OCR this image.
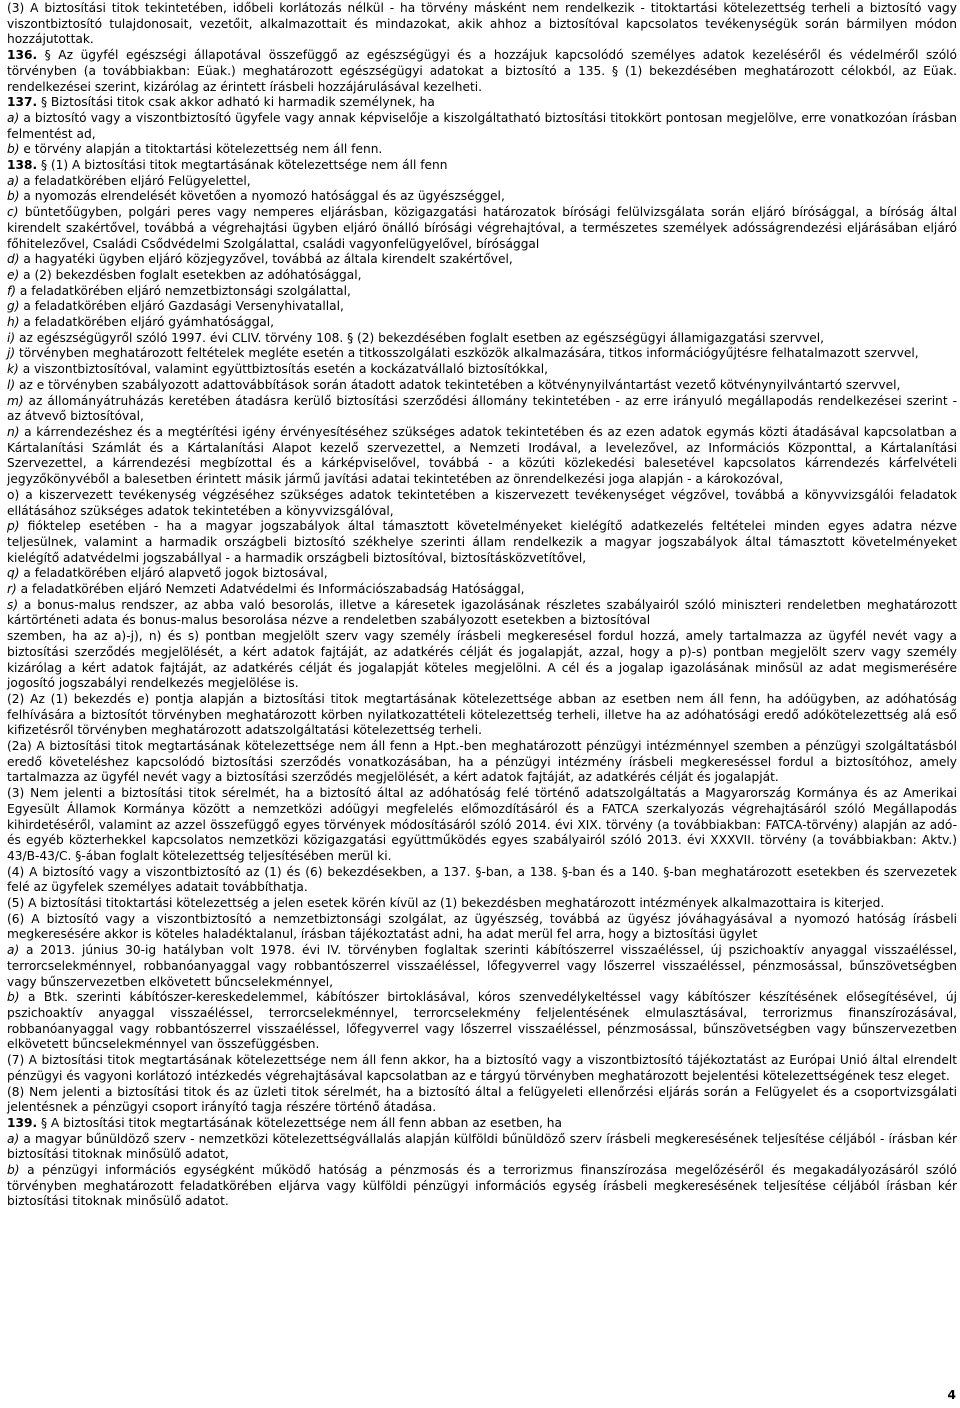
(3) A biztosítási titok tekintetében, időbeli korlátozás nélkül - ha törvény másként nem rendelkezik - titoktartási kötelezettség terheli a biztosító vagy viszontbiztosító tulajdonosait, vezetőit, alkalmazottait és mindazokat, akik ahhoz a biztosítóval kapcsolatos tevékenységük során bármilyen módon hozzájutottak.

136. § Az ügyfél egészségi állapotával összefüggő az egészségügyi és a hozzájuk kapcsolódó személyes adatok kezeléséről és védelméről szóló törvényben (a továbbiakban: Eüak.) meghatározott egészségügyi adatokat a biztosító a 135. § (1) bekezdésében meghatározott célokból, az Eüak. rendelkezései szerint, kizárólag az érintett írásbeli hozzájárulásával kezelheti.

137. § Biztosítási titok csak akkor adható ki harmadik személynek, ha

a) a biztosító vagy a viszontbiztosító ügyfele vagy annak képviselője a kiszolgáltatható biztosítási titokkört pontosan megjelölve, erre vonatkozóan írásban felmentést ad,

b) e törvény alapján a titoktartási kötelezettség nem áll fenn.

138. § (1) A biztosítási titok megtartásának kötelezettsége nem áll fenn

a) a feladatkörében eljáró Felügyelettel,

b) a nyomozás elrendelését követően a nyomozó hatósággal és az ügyészséggel,

c) büntetőügyben, polgári peres vagy nemperes eljárásban, közigazgatási határozatok bírósági felülvizsgálata során eljáró bírósággal, a bíróság által kirendelt szakértővel, továbbá a végrehajtási ügyben eljáró önálló bírósági végrehajtóval, a természetes személyek adósságrendezési eljárásában eljáró főhitelezővel, Családi Csődvédelmi Szolgálattal, családi vagyonfelügyelővel, bírósággal

d) a hagyatéki ügyben eljáró közjegyzővel, továbbá az általa kirendelt szakértővel,

e) a (2) bekezdésben foglalt esetekben az adóhatósággal,

f) a feladatkörében eljáró nemzetbiztonsági szolgálattal,

g) a feladatkörében eljáró Gazdasági Versenyhivatallal,

h) a feladatkörében eljáró gyámhatósággal,

i) az egészségügyről szóló 1997. évi CLIV. törvény 108. § (2) bekezdésében foglalt esetben az egészségügyi államigazgatási szervvel,

j) törvényben meghatározott feltételek megléte esetén a titkosszolgálati eszközök alkalmazására, titkos információgyűjtésre felhatalmazott szervvel,

k) a viszontbiztosítóval, valamint együttbiztosítás esetén a kockázatvállaló biztosítókkal,

l) az e törvényben szabályozott adattovábbítások során átadott adatok tekintetében a kötvénynyilvántartást vezető kötvénynyilvántartó szervvel,

m) az állományátruházás keretében átadásra kerülő biztosítási szerződési állomány tekintetében - az erre irányuló megállapodás rendelkezései szerint - az átvevő biztosítóval,

n) a kárrendezéshez és a megtérítési igény érvényesítéséhez szükséges adatok tekintetében és az ezen adatok egymás közti átadásával kapcsolatban a Kártalanítási Számlát és a Kártalanítási Alapot kezelő szervezettel, a Nemzeti Irodával, a levelezővel, az Információs Központtal, a Kártalanítási Szervezettel, a kárrendezési megbízottal és a kárképviselővel, továbbá - a közúti közlekedési balesetével kapcsolatos kárrendezés kárfelvételi jegyzőkönyvéből a balesetben érintett másik jármű javítási adatai tekintetében az önrendelkezési joga alapján - a károkozóval,

o) a kiszervezett tevékenység végzéséhez szükséges adatok tekintetében a kiszervezett tevékenységet végzővel, továbbá a könyvvizsgálói feladatok ellátásához szükséges adatok tekintetében a könyvvizsgálóval,

p) fióktelep esetében - ha a magyar jogszabályok által támasztott követelményeket kielégítő adatkezelés feltételei minden egyes adatra nézve teljesülnek, valamint a harmadik országbeli biztosító székhelye szerinti állam rendelkezik a magyar jogszabályok által támasztott követelményeket kielégítő adatvédelmi jogszabállyal - a harmadik országbeli biztosítóval, biztosításközvetítővel,

q) a feladatkörében eljáró alapvető jogok biztosával,

r) a feladatkörében eljáró Nemzeti Adatvédelmi és Információszabadság Hatósággal,

s) a bonus-malus rendszer, az abba való besorolás, illetve a káresetek igazolásának részletes szabályairól szóló miniszteri rendeletben meghatározott kártörténeti adata és bonus-malus besorolása nézve a rendeletben szabályozott esetekben a biztosítóval

szemben, ha az a)-j), n) és s) pontban megjelölt szerv vagy személy írásbeli megkeresésel fordul hozzá, amely tartalmazza az ügyfél nevét vagy a biztosítási szerződés megjelölését, a kért adatok fajtáját, az adatkérés célját és jogalapját, azzal, hogy a p)-s) pontban megjelölt szerv vagy személy kizárólag a kért adatok fajtáját, az adatkérés célját és jogalapját köteles megjelölni. A cél és a jogalap igazolásának minősül az adat megismerésére jogosító jogszabályi rendelkezés megjelölése is.

(2) Az (1) bekezdés e) pontja alapján a biztosítási titok megtartásának kötelezettsége abban az esetben nem áll fenn, ha adóügyben, az adóhatóság felhívására a biztosítót törvényben meghatározott körben nyilatkozattételi kötelezettség terheli, illetve ha az adóhatósági eredő adókötelezettség alá eső kifizetésről törvényben meghatározott adatszolgáltatási kötelezettség terheli.

(2a) A biztosítási titok megtartásának kötelezettsége nem áll fenn a Hpt.-ben meghatározott pénzügyi intézménnyel szemben a pénzügyi szolgáltatásból eredő követeléshez kapcsolódó biztosítási szerződés vonatkozásában, ha a pénzügyi intézmény írásbeli megkereséssel fordul a biztosítóhoz, amely tartalmazza az ügyfél nevét vagy a biztosítási szerződés megjelölését, a kért adatok fajtáját, az adatkérés célját és jogalapját.

(3) Nem jelenti a biztosítási titok sérelmét, ha a biztosító által az adóhatóság felé történő adatszolgáltatás a Magyarország Kormánya és az Amerikai Egyesült Államok Kormánya között a nemzetközi adóügyi megfelelés előmozdításáról és a FATCA szerkalyozás végrehajtásáról szóló Megállapodás kihirdetéséről, valamint az azzel összefüggő egyes törvények módosításáról szóló 2014. évi XIX. törvény (a továbbiakban: FATCA-törvény) alapján az adó- és egyéb közterhekkel kapcsolatos nemzetközi közigazgatási együttműködés egyes szabályairól szóló 2013. évi XXXVII. törvény (a továbbiakban: Aktv.) 43/B-43/C. §-ában foglalt kötelezettség teljesítésében merül ki.

(4) A biztosító vagy a viszontbiztosító az (1) és (6) bekezdésekben, a 137. §-ban, a 138. §-ban és a 140. §-ban meghatározott esetekben és szervezetek felé az ügyfelek személyes adatait továbbíthatja.

(5) A biztosítási titoktartási kötelezettség a jelen esetek körén kívül az (1) bekezdésben meghatározott intézmények alkalmazottaira is kiterjed.

(6) A biztosító vagy a viszontbiztosító a nemzetbiztonsági szolgálat, az ügyészség, továbbá az ügyész jóváhagyásával a nyomozó hatóság írásbeli megkeresésére akkor is köteles haladéktalanul, írásban tájékoztatást adni, ha adat merül fel arra, hogy a biztosítási ügylet

a) a 2013. június 30-ig hatályban volt 1978. évi IV. törvényben foglaltak szerinti kábítószerrel visszaéléssel, új pszichoaktív anyaggal visszaéléssel, terrorcselekménnyel, robbanóanyaggal vagy robbantószerrel visszaéléssel, lőfegyverrel vagy lőszerrel visszaéléssel, pénzmosással, bűnszövetségben vagy bűnszervezetben elkövetett bűncselekménnyel,

b) a Btk. szerinti kábítószer-kereskedelemmel, kábítószer birtoklásával, kóros szenvedélykeltéssel vagy kábítószer készítésének elősegítésével, új pszichoaktív anyaggal visszaéléssel, terrorcselekménnyel, terrorcselekmény feljelentésének elmulasztásával, terrorizmus finanszírozásával, robbanóanyaggal vagy robbantószerrel visszaéléssel, lőfegyverrel vagy lőszerrel visszaéléssel, pénzmosással, bűnszövetségben vagy bűnszervezetben elkövetett bűncselekménnyel van összefüggésben.

(7) A biztosítási titok megtartásának kötelezettsége nem áll fenn akkor, ha a biztosító vagy a viszontbiztosító tájékoztatást az Európai Unió által elrendelt pénzügyi és vagyoni korlátozó intézkedés végrehajtásával kapcsolatban az e tárgyú törvényben meghatározott bejelentési kötelezettségének tesz eleget.

(8) Nem jelenti a biztosítási titok és az üzleti titok sérelmét, ha a biztosító által a felügyeleti ellenőrzési eljárás során a Felügyelet és a csoportvizsgálati jelentésnek a pénzügyi csoport irányító tagja részére történő átadása.

139. § A biztosítási titok megtartásának kötelezettsége nem áll fenn abban az esetben, ha

a) a magyar bűnüldöző szerv - nemzetközi kötelezettségvállalás alapján külföldi bűnüldöző szerv írásbeli megkeresésének teljesítése céljából - írásban kér biztosítási titoknak minősülő adatot,

b) a pénzügyi információs egységként működő hatóság a pénzmosás és a terrorizmus finanszírozása megelőzéséről és megakadályozásáról szóló törvényben meghatározott feladatkörében eljárva vagy külföldi pénzügyi információs egység írásbeli megkeresésének teljesítése céljából írásban kér biztosítási titoknak minősülő adatot.

4
